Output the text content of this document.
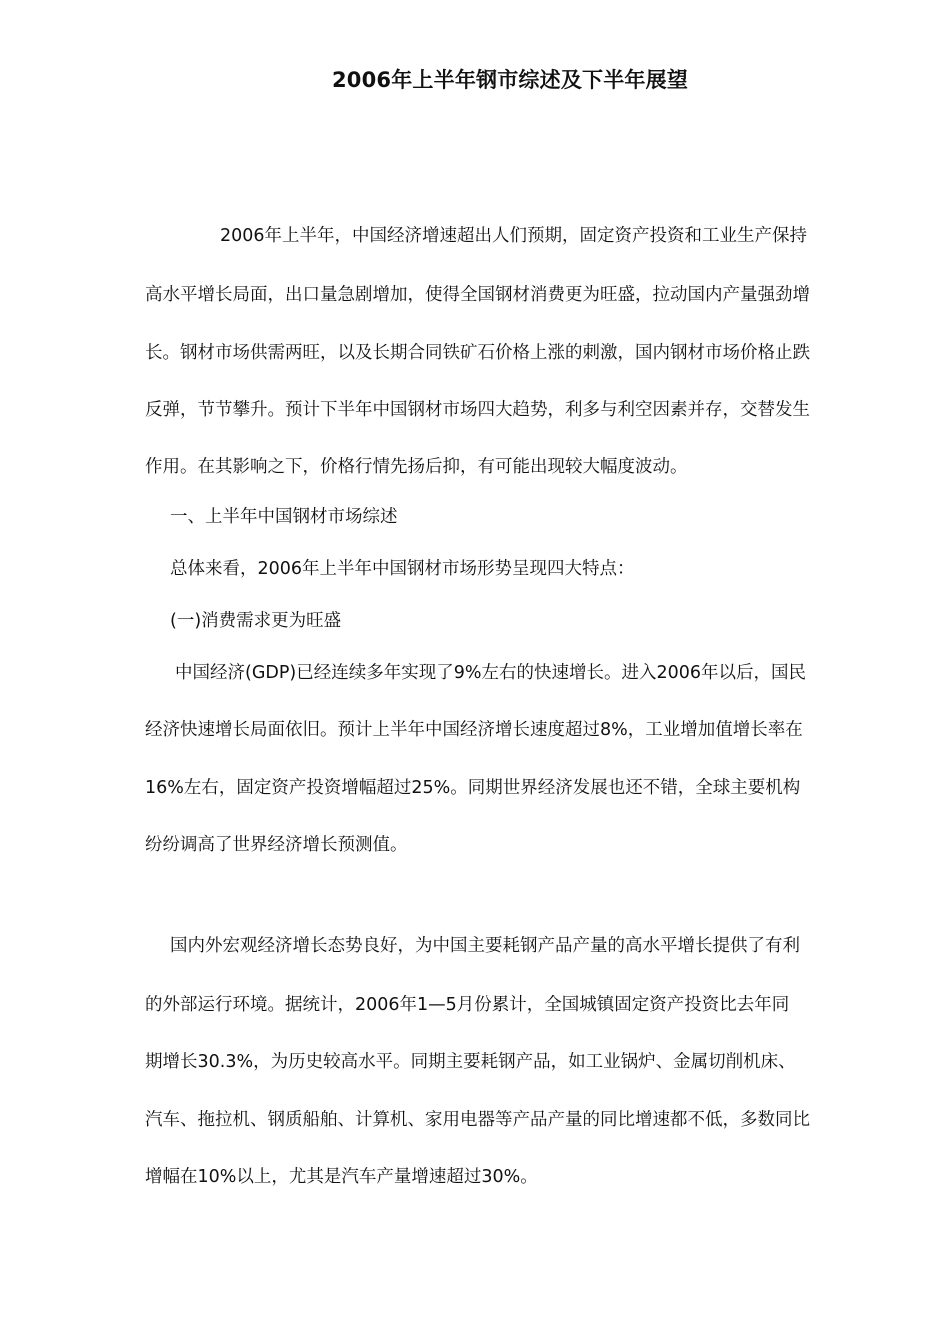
2006年上半年钢市综述及下半年展望
2006年上半年，中国经济增速超出人们预期，固定资产投资和工业生产保持
高水平增长局面，出口量急剧增加，使得全国钢材消费更为旺盛，拉动国内产量强劲增
长。钢材市场供需两旺，以及长期合同铁矿石价格上涨的刺激，国内钢材市场价格止跌
反弹，节节攀升。预计下半年中国钢材市场四大趋势，利多与利空因素并存，交替发生
作用。在其影响之下，价格行情先扬后抑，有可能出现较大幅度波动。
一、上半年中国钢材市场综述
总体来看，2006年上半年中国钢材市场形势呈现四大特点：
(一)消费需求更为旺盛
中国经济(GDP)已经连续多年实现了9%左右的快速增长。进入2006年以后，国民
经济快速增长局面依旧。预计上半年中国经济增长速度超过8%，工业增加值增长率在
16%左右，固定资产投资增幅超过25%。同期世界经济发展也还不错，全球主要机构
纷纷调高了世界经济增长预测值。
国内外宏观经济增长态势良好，为中国主要耗钢产品产量的高水平增长提供了有利
的外部运行环境。据统计，2006年1—5月份累计，全国城镇固定资产投资比去年同
期增长30.3%，为历史较高水平。同期主要耗钢产品，如工业锅炉、金属切削机床、
汽车、拖拉机、钢质船舶、计算机、家用电器等产品产量的同比增速都不低，多数同比
增幅在10%以上，尤其是汽车产量增速超过30%。
